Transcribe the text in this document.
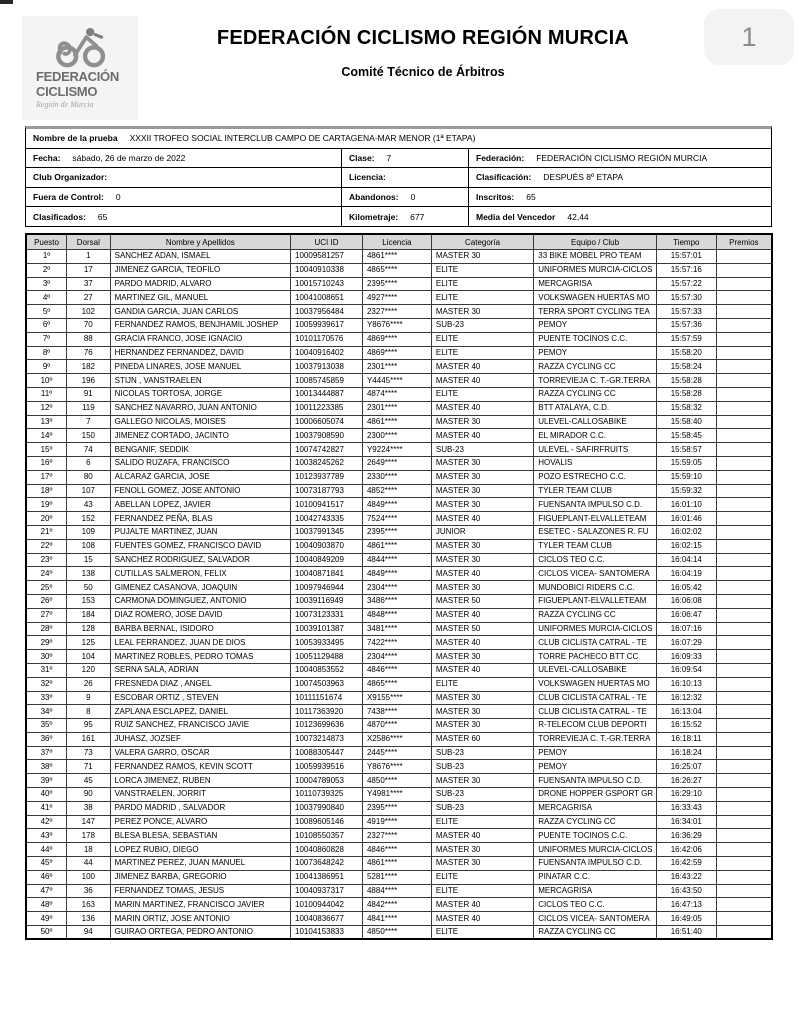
FEDERACIÓN
CICLISMO
Región de Murcia
FEDERACIÓN CICLISMO REGIÓN MURCIA
Comité Técnico de Árbitros
1
Nombre de la prueba XXXII TROFEO SOCIAL INTERCLUB CAMPO DE CARTAGENA-MAR MENOR (1ª ETAPA)
Fecha: sábado, 26 de marzo de 2022	Clase: 7	Federación: FEDERACIÓN CICLISMO REGIÓN MURCIA
Club Organizador:	Licencia:	Clasificación: DESPUÉS 8º ETAPA
Fuera de Control: 0	Abandonos: 0	Inscritos: 65
Clasificados: 65	Kilometraje: 677	Media del Vencedor 42,44
Puesto	Dorsal	Nombre y Apellidos	UCI ID	Licencia	Categoría	Equipo / Club	Tiempo	Premios
1º	1	SANCHEZ ADAN, ISMAEL	10009581257	4861****	MASTER 30	33 BIKE MOBEL PRO TEAM	15:57:01	
2º	17	JIMENEZ GARCIA, TEOFILO	10040910338	4865****	ELITE	UNIFORMES MURCIA-CICLOS	15:57:16	
3º	37	PARDO MADRID, ALVARO	10015710243	2395****	ELITE	MERCAGRISA	15:57:22	
4º	27	MARTINEZ GIL, MANUEL	10041008651	4927****	ELITE	VOLKSWAGEN HUERTAS MO	15:57:30	
5º	102	GANDIA GARCIA, JUAN CARLOS	10037956484	2327****	MASTER 30	TERRA SPORT CYCLING TEA	15:57:33	
6º	70	FERNANDEZ RAMOS, BENJHAMIL JOSHEP	10059939617	Y8676****	SUB-23	PEMOY	15:57:36	
7º	88	GRACIA FRANCO, JOSE IGNACIO	10101170576	4869****	ELITE	PUENTE TOCINOS C.C.	15:57:59	
8º	76	HERNANDEZ FERNANDEZ, DAVID	10040916402	4869****	ELITE	PEMOY	15:58:20	
9º	182	PINEDA LINARES, JOSE MANUEL	10037913038	2301****	MASTER 40	RAZZA CYCLING CC	15:58:24	
10º	196	STIJN , VANSTRAELEN	10085745859	Y4445****	MASTER 40	TORREVIEJA C. T.-GR.TERRA	15:58:28	
11º	91	NICOLAS TORTOSA, JORGE	10013444887	4874****	ELITE	RAZZA CYCLING CC	15:58:28	
12º	119	SANCHEZ NAVARRO, JUAN ANTONIO	10011223385	2301****	MASTER 40	BTT ATALAYA, C.D.	15:58:32	
13º	7	GALLEGO NICOLAS, MOISES	10006605074	4861****	MASTER 30	ULEVEL-CALLOSABIKE	15:58:40	
14º	150	JIMENEZ CORTADO, JACINTO	10037908590	2300****	MASTER 40	EL MIRADOR C.C.	15:58:45	
15º	74	BENGANIF, SEDDIK	10074742827	Y9224****	SUB-23	ULEVEL - SAFIRFRUITS	15:58:57	
16º	6	SALIDO RUZAFA, FRANCISCO	10038245262	2649****	MASTER 30	HOVALIS	15:59:05	
17º	80	ALCARAZ GARCIA, JOSE	10123937789	2330****	MASTER 30	POZO ESTRECHO C.C.	15:59:10	
18º	107	FENOLL GOMEZ, JOSE ANTONIO	10073187793	4852****	MASTER 30	TYLER TEAM CLUB	15:59:32	
19º	43	ABELLAN LOPEZ, JAVIER	10100941517	4849****	MASTER 30	FUENSANTA IMPULSO C.D.	16:01:10	
20º	152	FERNANDEZ PEÑA, BLAS	10042743335	7524****	MASTER 40	FIGUEPLANT-ELVALLETEAM	16:01:46	
21º	109	PUJALTE MARTINEZ, JUAN	10037991345	2395****	JUNIOR	ESETEC - SALAZONES R. FU	16:02:02	
22º	108	FUENTES GOMEZ, FRANCISCO DAVID	10040903870	4861****	MASTER 30	TYLER TEAM CLUB	16:02:15	
23º	15	SANCHEZ RODRIGUEZ, SALVADOR	10040849209	4844****	MASTER 30	CICLOS TEO C.C.	16:04:14	
24º	138	CUTILLAS SALMERON, FELIX	10040871841	4849****	MASTER 40	CICLOS VICEA- SANTOMERA	16:04:19	
25º	50	GIMENEZ CASANOVA, JOAQUIN	10097946944	2304****	MASTER 30	MUNDOBICI RIDERS C.C.	16:05:42	
26º	153	CARMONA DOMINGUEZ, ANTONIO	10039116949	3486****	MASTER 50	FIGUEPLANT-ELVALLETEAM	16:06:08	
27º	184	DIAZ ROMERO, JOSE DAVID	10073123331	4848****	MASTER 40	RAZZA CYCLING CC	16:06:47	
28º	128	BARBA BERNAL, ISIDORO	10039101387	3481****	MASTER 50	UNIFORMES MURCIA-CICLOS	16:07:16	
29º	125	LEAL FERRANDEZ, JUAN DE DIOS	10053933495	7422****	MASTER 40	CLUB CICLISTA CATRAL - TE	16:07:29	
30º	104	MARTINEZ ROBLES, PEDRO TOMAS	10051129488	2304****	MASTER 30	TORRE PACHECO BTT CC	16:09:33	
31º	120	SERNA SALA, ADRIAN	10040853552	4846****	MASTER 40	ULEVEL-CALLOSABIKE	16:09:54	
32º	26	FRESNEDA DIAZ , ANGEL	10074503963	4865****	ELITE	VOLKSWAGEN HUERTAS MO	16:10:13	
33º	9	ESCOBAR ORTIZ , STEVEN	10111151674	X9155****	MASTER 30	CLUB CICLISTA CATRAL - TE	16:12:32	
34º	8	ZAPLANA ESCLAPEZ, DANIEL	10117363920	7438****	MASTER 30	CLUB CICLISTA CATRAL - TE	16:13:04	
35º	95	RUIZ SANCHEZ, FRANCISCO JAVIE	10123699636	4870****	MASTER 30	R-TELECOM CLUB DEPORTI	16:15:52	
36º	161	JUHASZ, JOZSEF	10073214873	X2586****	MASTER 60	TORREVIEJA C. T.-GR.TERRA	16:18:11	
37º	73	VALERA GARRO, OSCAR	10088305447	2445****	SUB-23	PEMOY	16:18:24	
38º	71	FERNANDEZ RAMOS, KEVIN SCOTT	10059939516	Y8676****	SUB-23	PEMOY	16:25:07	
39º	45	LORCA JIMENEZ, RUBEN	10004789053	4850****	MASTER 30	FUENSANTA IMPULSO C.D.	16:26:27	
40º	90	VANSTRAELEN, JORRIT	10110739325	Y4981****	SUB-23	DRONE HOPPER GSPORT GR	16:29:10	
41º	38	PARDO MADRID , SALVADOR	10037990840	2395****	SUB-23	MERCAGRISA	16:33:43	
42º	147	PEREZ PONCE, ALVARO	10089605146	4919****	ELITE	RAZZA CYCLING CC	16:34:01	
43º	178	BLESA BLESA, SEBASTIAN	10108550357	2327****	MASTER 40	PUENTE TOCINOS C.C.	16:36:29	
44º	18	LOPEZ RUBIO, DIEGO	10040860828	4846****	MASTER 30	UNIFORMES MURCIA-CICLOS	16:42:06	
45º	44	MARTINEZ PEREZ, JUAN MANUEL	10073648242	4861****	MASTER 30	FUENSANTA IMPULSO C.D.	16:42:59	
46º	100	JIMENEZ BARBA, GREGORIO	10041386951	5281****	ELITE	PINATAR C.C.	16:43:22	
47º	36	FERNANDEZ TOMAS, JESUS	10040937317	4884****	ELITE	MERCAGRISA	16:43:50	
48º	163	MARIN MARTINEZ, FRANCISCO JAVIER	10100944042	4842****	MASTER 40	CICLOS TEO C.C.	16:47:13	
49º	136	MARIN ORTIZ, JOSE ANTONIO	10040836677	4841****	MASTER 40	CICLOS VICEA- SANTOMERA	16:49:05	
50º	94	GUIRAO ORTEGA, PEDRO ANTONIO	10104153833	4850****	ELITE	RAZZA CYCLING CC	16:51:40	
